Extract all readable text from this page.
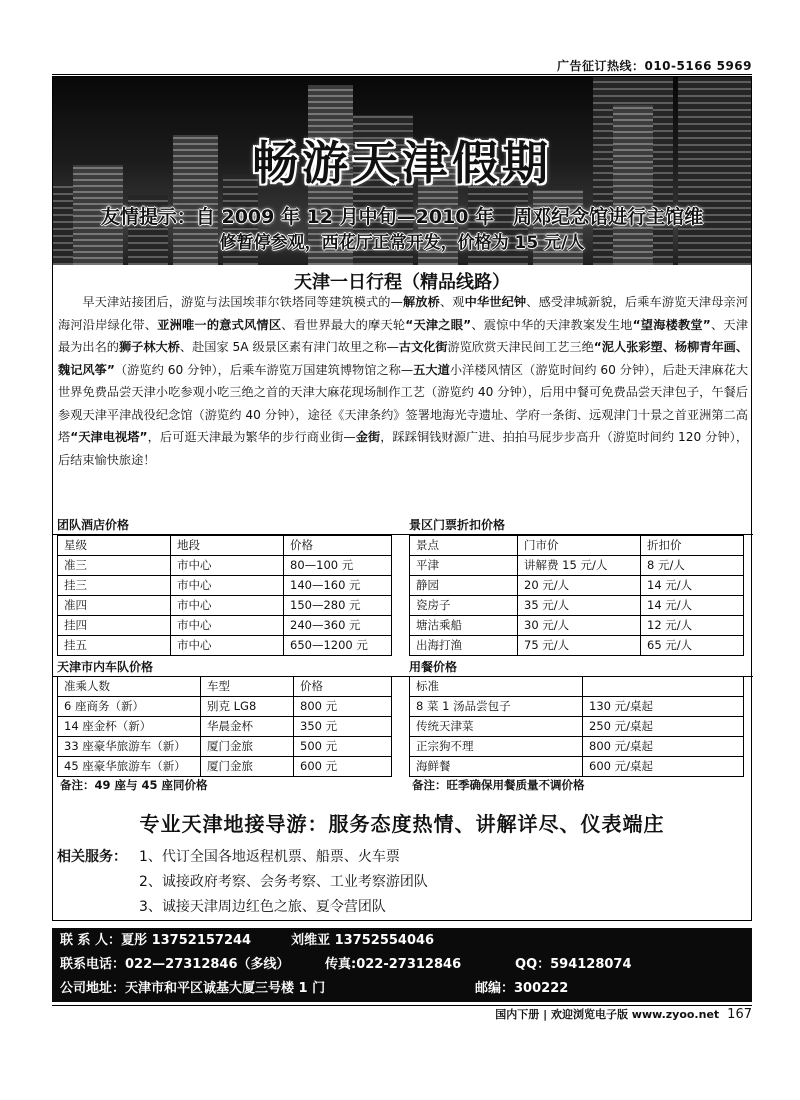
广告征订热线：010-5166 5969
畅游天津假期
友情提示：自 2009 年 12 月中旬—2010 年　周邓纪念馆进行主馆维
修暂停参观，西花厅正常开发，价格为 15 元/人
天津一日行程（精品线路）

早天津站接团后，游览与法国埃菲尔铁塔同等建筑模式的—解放桥、观中华世纪钟、感受津城新貌，后乘车游览天津母亲河海河沿岸绿化带、亚洲唯一的意式风情区、看世界最大的摩天轮“天津之眼”、震惊中华的天津教案发生地“望海楼教堂”、天津最为出名的狮子林大桥、赴国家 5A 级景区素有津门故里之称—古文化街游览欣赏天津民间工艺三绝“泥人张彩塑、杨柳青年画、魏记风筝”（游览约 60 分钟），后乘车游览万国建筑博物馆之称—五大道小洋楼风情区（游览时间约 60 分钟），后赴天津麻花大世界免费品尝天津小吃参观小吃三绝之首的天津大麻花现场制作工艺（游览约 40 分钟），后用中餐可免费品尝天津包子，午餐后参观天津平津战役纪念馆（游览约 40 分钟），途径《天津条约》签署地海光寺遗址、学府一条街、远观津门十景之首亚洲第二高塔“天津电视塔”，后可逛天津最为繁华的步行商业街—金街，踩踩铜钱财源广进、拍拍马屁步步高升（游览时间约 120 分钟），后结束愉快旅途！

团队酒店价格
星级	地段	价格
准三	市中心	80—100 元
挂三	市中心	140—160 元
准四	市中心	150—280 元
挂四	市中心	240—360 元
挂五	市中心	650—1200 元
景区门票折扣价格
景点	门市价	折扣价
平津	讲解费 15 元/人	8 元/人
静园	20 元/人	14 元/人
瓷房子	35 元/人	14 元/人
塘沽乘船	30 元/人	12 元/人
出海打渔	75 元/人	65 元/人
天津市内车队价格
准乘人数	车型	价格
6 座商务（新）	别克 LG8	800 元
14 座金杯（新）	华晨金杯	350 元
33 座豪华旅游车（新）	厦门金旅	500 元
45 座豪华旅游车（新）	厦门金旅	600 元
备注：49 座与 45 座同价格
用餐价格
标准	
8 菜 1 汤品尝包子	130 元/桌起
传统天津菜	250 元/桌起
正宗狗不理	800 元/桌起
海鲜餐	600 元/桌起
备注：旺季确保用餐质量不调价格
专业天津地接导游：服务态度热情、讲解详尽、仪表端庄
相关服务： 1、代订全国各地返程机票、船票、火车票
2、诚接政府考察、会务考察、工业考察游团队
3、诚接天津周边红色之旅、夏令营团队
联 系 人：夏彤 13752157244	刘维亚 13752554046
联系电话：022—27312846（多线）	传真:022-27312846	QQ：594128074
公司地址：天津市和平区诚基大厦三号楼 1 门	邮编：300222
国内下册 | 欢迎浏览电子版 www.zyoo.net 167
